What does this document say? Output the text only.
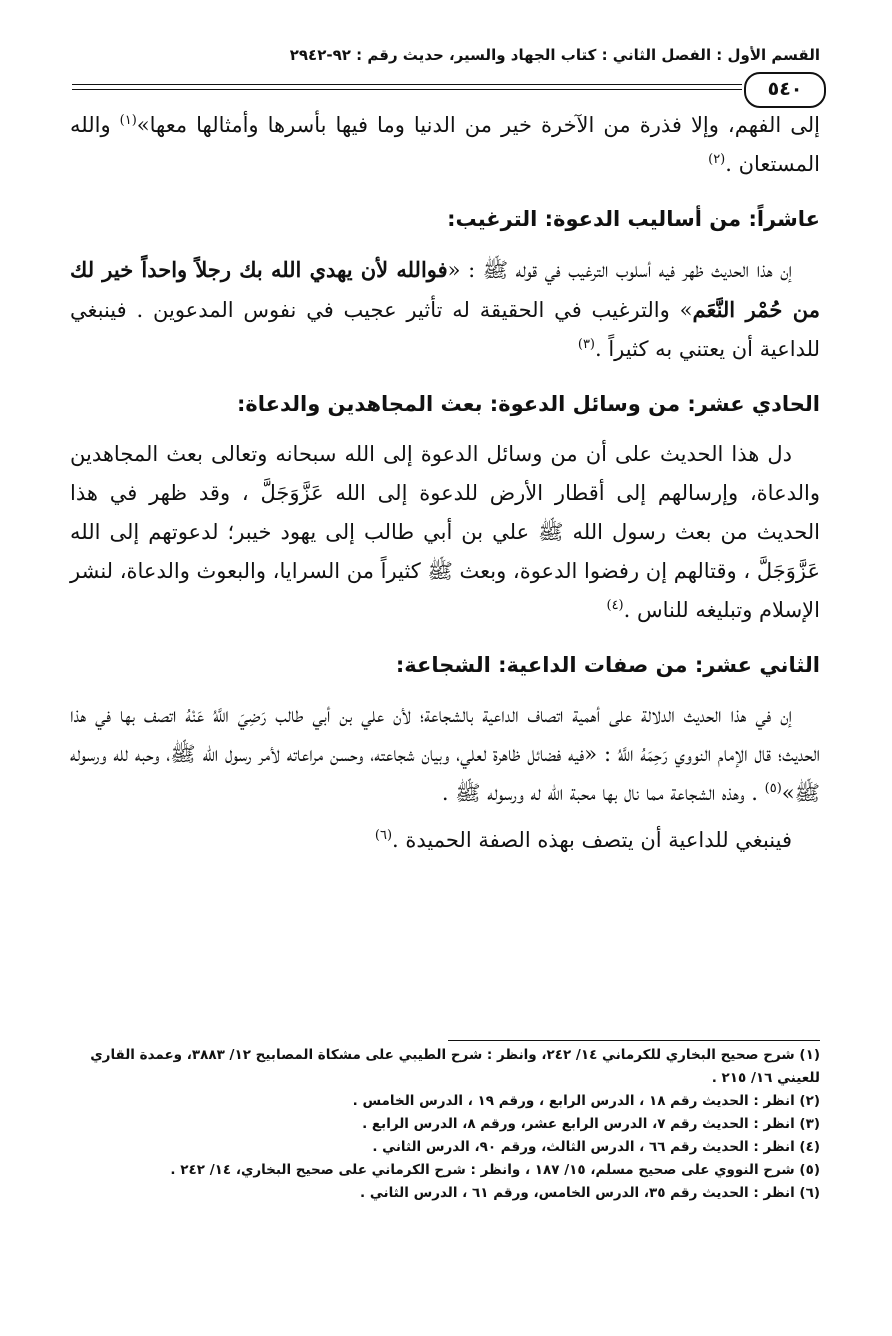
القسم الأول : الفصل الثاني : كتاب الجهاد والسير، حديث رقم : ٩٢-٢٩٤٢
٥٤٠

إلى الفهم، وإلا فذرة من الآخرة خير من الدنيا وما فيها بأسرها وأمثالها معها»$^{(١)}$ والله المستعان .$^{(٢)}$

عاشراً: من أساليب الدعوة: الترغيب:

إن هذا الحديث ظهر فيه أسلوب الترغيب في قوله ﷺ : «فوالله لأن يهدي الله بك رجلاً واحداً خير لك من حُمْر النَّعَم» والترغيب في الحقيقة له تأثير عجيب في نفوس المدعوين . فينبغي للداعية أن يعتني به كثيراً .$^{(٣)}$

الحادي عشر: من وسائل الدعوة: بعث المجاهدين والدعاة:

دل هذا الحديث على أن من وسائل الدعوة إلى الله سبحانه وتعالى بعث المجاهدين والدعاة، وإرسالهم إلى أقطار الأرض للدعوة إلى الله عَزَّوَجَلَّ ، وقد ظهر في هذا الحديث من بعث رسول الله ﷺ علي بن أبي طالب إلى يهود خيبر؛ لدعوتهم إلى الله عَزَّوَجَلَّ ، وقتالهم إن رفضوا الدعوة، وبعث ﷺ كثيراً من السرايا، والبعوث والدعاة، لنشر الإسلام وتبليغه للناس .$^{(٤)}$

الثاني عشر: من صفات الداعية: الشجاعة:

إن في هذا الحديث الدلالة على أهمية اتصاف الداعية بالشجاعة؛ لأن علي بن أبي طالب رَضِيَ اللَّهُ عَنْهُ اتصف بها في هذا الحديث؛ قال الإمام النووي رَحِمَهُ اللَّهُ : «فيه فضائل ظاهرة لعلي، وبيان شجاعته، وحسن مراعاته لأمر رسول الله ﷺ، وحبه لله ورسوله ﷺ»$^{(٥)}$ . وهذه الشجاعة مما نال بها محبة الله له ورسوله ﷺ .

فينبغي للداعية أن يتصف بهذه الصفة الحميدة .$^{(٦)}$

(١) شرح صحيح البخاري للكرماني ١٤/ ٢٤٢، وانظر : شرح الطيبي على مشكاة المصابيح ١٢/ ٣٨٨٣، وعمدة القاري للعيني ١٦/ ٢١٥ .

(٢) انظر : الحديث رقم ١٨ ، الدرس الرابع ، ورقم ١٩ ، الدرس الخامس .

(٣) انظر : الحديث رقم ٧، الدرس الرابع عشر، ورقم ٨، الدرس الرابع .

(٤) انظر : الحديث رقم ٦٦ ، الدرس الثالث، ورقم ٩٠، الدرس الثاني .

(٥) شرح النووي على صحيح مسلم، ١٥/ ١٨٧ ، وانظر : شرح الكرماني على صحيح البخاري، ١٤/ ٢٤٢ .

(٦) انظر : الحديث رقم ٣٥، الدرس الخامس، ورقم ٦١ ، الدرس الثاني .
